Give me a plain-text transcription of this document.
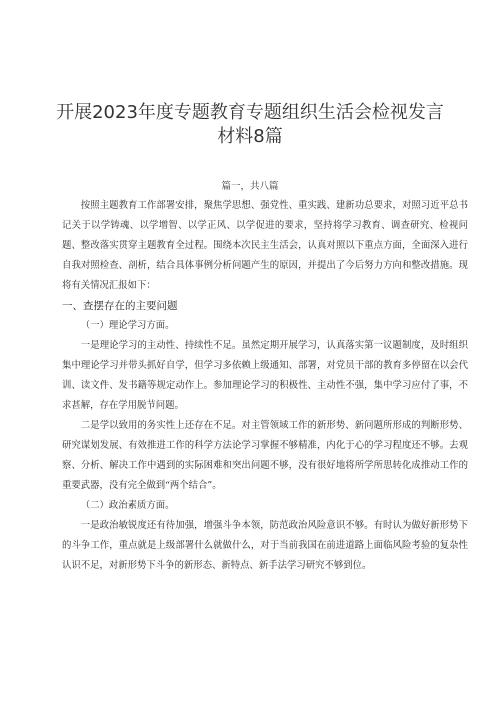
开展2023年度专题教育专题组织生活会检视发言
材料8篇
篇一，共八篇

按照主题教育工作部署安排，聚焦学思想、强党性、重实践、建新功总要求，对照习近平总书记关于以学铸魂、以学增智、以学正风、以学促进的要求，坚持将学习教育、调查研究、检视问题、整改落实贯穿主题教育全过程。围绕本次民主生活会，认真对照以下重点方面，全面深入进行自我对照检查、剖析，结合具体事例分析问题产生的原因，并提出了今后努力方向和整改措施。现将有关情况汇报如下：

一、查摆存在的主要问题

（一）理论学习方面。

一是理论学习的主动性、持续性不足。虽然定期开展学习，认真落实第一议题制度，及时组织集中理论学习并带头抓好自学，但学习多依赖上级通知、部署，对党员干部的教育多停留在以会代训、读文件、发书籍等规定动作上。参加理论学习的积极性、主动性不强，集中学习应付了事，不求甚解，存在学用脱节问题。

二是学以致用的务实性上还存在不足。对主管领域工作的新形势、新问题所形成的判断形势、研究谋划发展、有效推进工作的科学方法论学习掌握不够精准，内化于心的学习程度还不够。去观察、分析、解决工作中遇到的实际困难和突出问题不够，没有很好地将所学所思转化成推动工作的重要武器，没有完全做到“两个结合”。

（二）政治素质方面。

一是政治敏锐度还有待加强，增强斗争本领，防范政治风险意识不够。有时认为做好新形势下的斗争工作，重点就是上级部署什么就做什么，对于当前我国在前进道路上面临风险考验的复杂性认识不足，对新形势下斗争的新形态、新特点、新手法学习研究不够到位。
